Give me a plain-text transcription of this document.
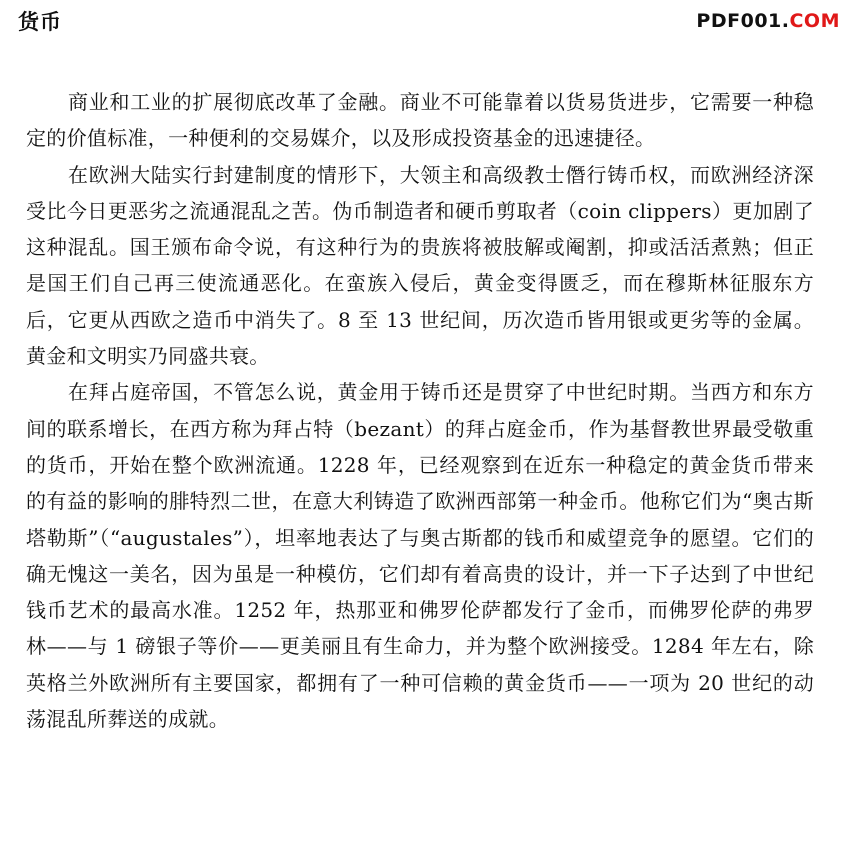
货币	PDF001.COM

商业和工业的扩展彻底改革了金融。商业不可能靠着以货易货进步，它需要一种稳定的价值标准，一种便利的交易媒介，以及形成投资基金的迅速捷径。

在欧洲大陆实行封建制度的情形下，大领主和高级教士僭行铸币权，而欧洲经济深受比今日更恶劣之流通混乱之苦。伪币制造者和硬币剪取者（coin clippers）更加剧了这种混乱。国王颁布命令说，有这种行为的贵族将被肢解或阉割，抑或活活煮熟；但正是国王们自己再三使流通恶化。在蛮族入侵后，黄金变得匮乏，而在穆斯林征服东方后，它更从西欧之造币中消失了。8 至 13 世纪间，历次造币皆用银或更劣等的金属。黄金和文明实乃同盛共衰。

在拜占庭帝国，不管怎么说，黄金用于铸币还是贯穿了中世纪时期。当西方和东方间的联系增长，在西方称为拜占特（bezant）的拜占庭金币，作为基督教世界最受敬重的货币，开始在整个欧洲流通。1228 年，已经观察到在近东一种稳定的黄金货币带来的有益的影响的腓特烈二世，在意大利铸造了欧洲西部第一种金币。他称它们为“奥古斯塔勒斯”（“augustales”），坦率地表达了与奥古斯都的钱币和威望竞争的愿望。它们的确无愧这一美名，因为虽是一种模仿，它们却有着高贵的设计，并一下子达到了中世纪钱币艺术的最高水准。1252 年，热那亚和佛罗伦萨都发行了金币，而佛罗伦萨的弗罗林——与 1 磅银子等价——更美丽且有生命力，并为整个欧洲接受。1284 年左右，除英格兰外欧洲所有主要国家，都拥有了一种可信赖的黄金货币——一项为 20 世纪的动荡混乱所葬送的成就。
